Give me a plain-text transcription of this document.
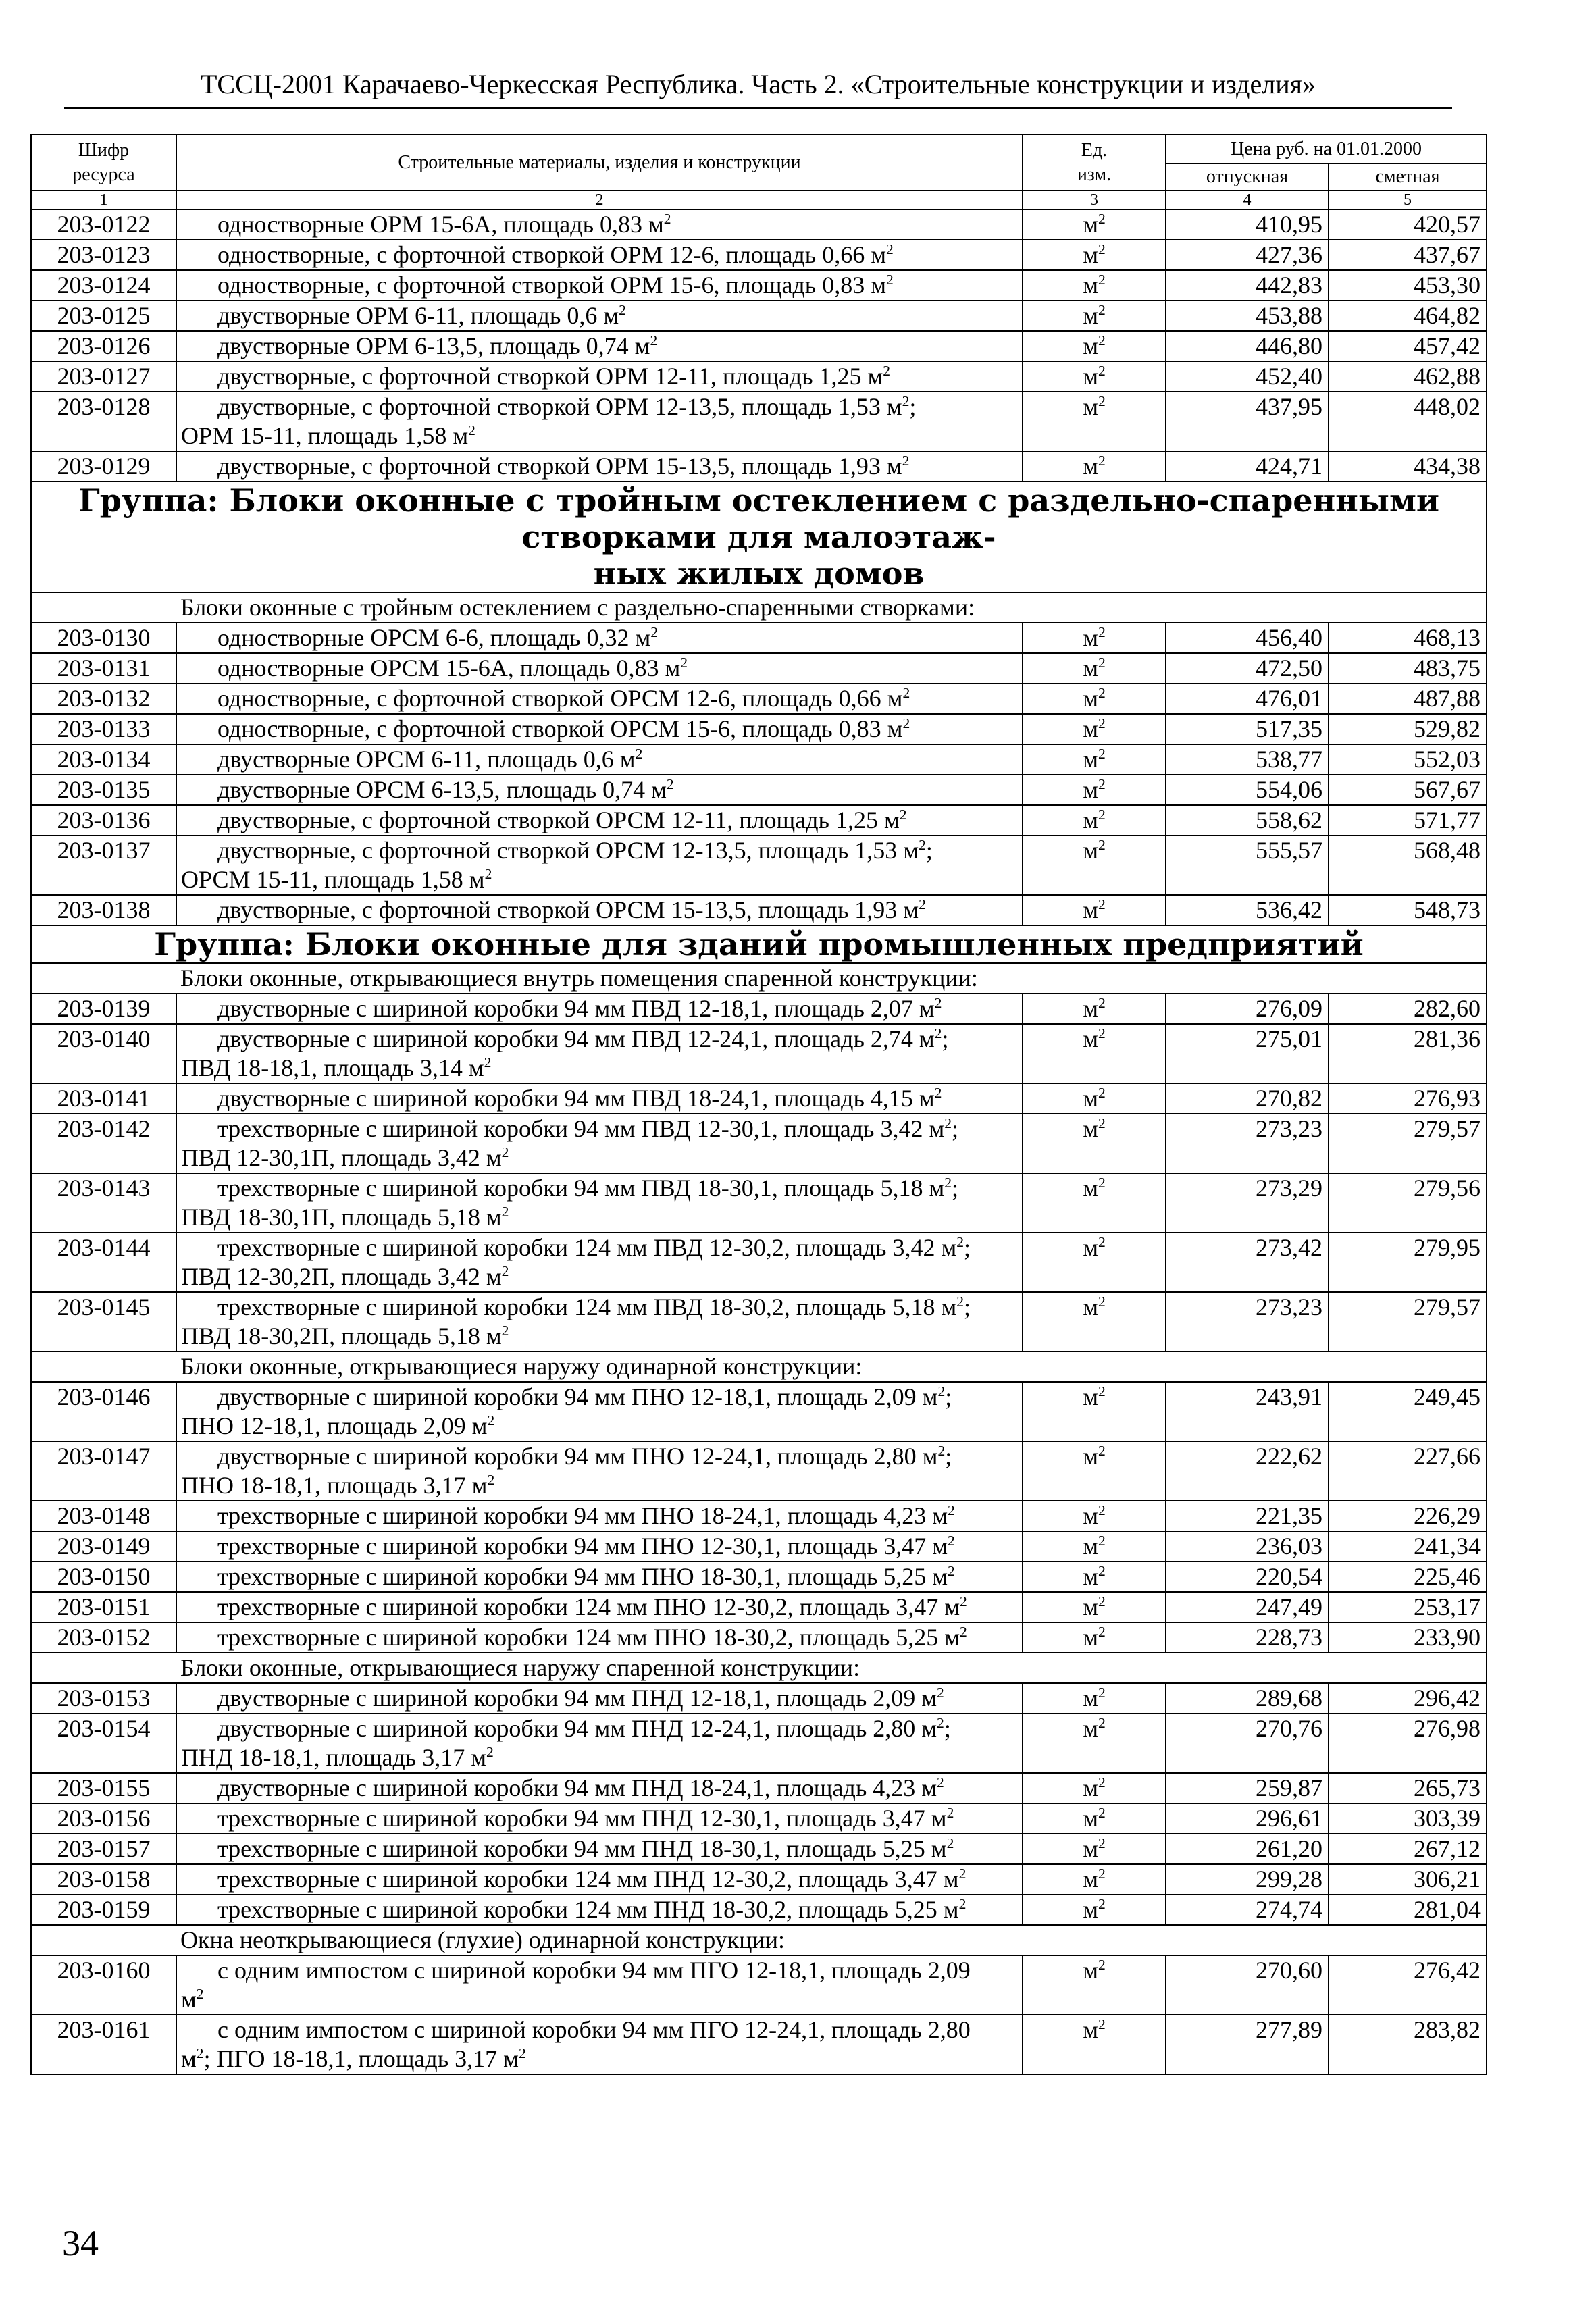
ТССЦ-2001 Карачаево-Черкесская Республика. Часть 2. «Строительные конструкции и изделия»
Шифр
ресурса	Строительные материалы, изделия и конструкции	Ед.
изм.	Цена руб. на 01.01.2000	
			отпускная	сметная
1	2	3	4	5
203-0122	одностворные ОРМ 15-6А, площадь 0,83 $м^2$	$м^2$	410,95	420,57
203-0123	одностворные, с форточной створкой ОРМ 12-6, площадь 0,66 $м^2$	$м^2$	427,36	437,67
203-0124	одностворные, с форточной створкой ОРМ 15-6, площадь 0,83 $м^2$	$м^2$	442,83	453,30
203-0125	двустворные ОРМ 6-11, площадь 0,6 $м^2$	$м^2$	453,88	464,82
203-0126	двустворные ОРМ 6-13,5, площадь 0,74 $м^2$	$м^2$	446,80	457,42
203-0127	двустворные, с форточной створкой ОРМ 12-11, площадь 1,25 $м^2$	$м^2$	452,40	462,88
203-0128	двустворные, с форточной створкой ОРМ 12-13,5, площадь 1,53 $м^2$;
ОРМ 15-11, площадь 1,58 $м^2$	$м^2$	437,95	448,02
203-0129	двустворные, с форточной створкой ОРМ 15-13,5, площадь 1,93 $м^2$	$м^2$	424,71	434,38
Группа: Блоки оконные с тройным остеклением с раздельно-спаренными створками для малоэтаж-
ных жилых домов				
Блоки оконные с тройным остеклением с раздельно-спаренными створками:				
203-0130	одностворные ОРСМ 6-6, площадь 0,32 $м^2$	$м^2$	456,40	468,13
203-0131	одностворные ОРСМ 15-6А, площадь 0,83 $м^2$	$м^2$	472,50	483,75
203-0132	одностворные, с форточной створкой ОРСМ 12-6, площадь 0,66 $м^2$	$м^2$	476,01	487,88
203-0133	одностворные, с форточной створкой ОРСМ 15-6, площадь 0,83 $м^2$	$м^2$	517,35	529,82
203-0134	двустворные ОРСМ 6-11, площадь 0,6 $м^2$	$м^2$	538,77	552,03
203-0135	двустворные ОРСМ 6-13,5, площадь 0,74 $м^2$	$м^2$	554,06	567,67
203-0136	двустворные, с форточной створкой ОРСМ 12-11, площадь 1,25 $м^2$	$м^2$	558,62	571,77
203-0137	двустворные, с форточной створкой ОРСМ 12-13,5, площадь 1,53 $м^2$;
ОРСМ 15-11, площадь 1,58 $м^2$	$м^2$	555,57	568,48
203-0138	двустворные, с форточной створкой ОРСМ 15-13,5, площадь 1,93 $м^2$	$м^2$	536,42	548,73
Группа: Блоки оконные для зданий промышленных предприятий				
Блоки оконные, открывающиеся внутрь помещения спаренной конструкции:				
203-0139	двустворные с шириной коробки 94 мм ПВД 12-18,1, площадь 2,07 $м^2$	$м^2$	276,09	282,60
203-0140	двустворные с шириной коробки 94 мм ПВД 12-24,1, площадь 2,74 $м^2$;
ПВД 18-18,1, площадь 3,14 $м^2$	$м^2$	275,01	281,36
203-0141	двустворные с шириной коробки 94 мм ПВД 18-24,1, площадь 4,15 $м^2$	$м^2$	270,82	276,93
203-0142	трехстворные с шириной коробки 94 мм ПВД 12-30,1, площадь 3,42 $м^2$;
ПВД 12-30,1П, площадь 3,42 $м^2$	$м^2$	273,23	279,57
203-0143	трехстворные с шириной коробки 94 мм ПВД 18-30,1, площадь 5,18 $м^2$;
ПВД 18-30,1П, площадь 5,18 $м^2$	$м^2$	273,29	279,56
203-0144	трехстворные с шириной коробки 124 мм ПВД 12-30,2, площадь 3,42 $м^2$;
ПВД 12-30,2П, площадь 3,42 $м^2$	$м^2$	273,42	279,95
203-0145	трехстворные с шириной коробки 124 мм ПВД 18-30,2, площадь 5,18 $м^2$;
ПВД 18-30,2П, площадь 5,18 $м^2$	$м^2$	273,23	279,57
Блоки оконные, открывающиеся наружу одинарной конструкции:				
203-0146	двустворные с шириной коробки 94 мм ПНО 12-18,1, площадь 2,09 $м^2$;
ПНО 12-18,1, площадь 2,09 $м^2$	$м^2$	243,91	249,45
203-0147	двустворные с шириной коробки 94 мм ПНО 12-24,1, площадь 2,80 $м^2$;
ПНО 18-18,1, площадь 3,17 $м^2$	$м^2$	222,62	227,66
203-0148	трехстворные с шириной коробки 94 мм ПНО 18-24,1, площадь 4,23 $м^2$	$м^2$	221,35	226,29
203-0149	трехстворные с шириной коробки 94 мм ПНО 12-30,1, площадь 3,47 $м^2$	$м^2$	236,03	241,34
203-0150	трехстворные с шириной коробки 94 мм ПНО 18-30,1, площадь 5,25 $м^2$	$м^2$	220,54	225,46
203-0151	трехстворные с шириной коробки 124 мм ПНО 12-30,2, площадь 3,47 $м^2$	$м^2$	247,49	253,17
203-0152	трехстворные с шириной коробки 124 мм ПНО 18-30,2, площадь 5,25 $м^2$	$м^2$	228,73	233,90
Блоки оконные, открывающиеся наружу спаренной конструкции:				
203-0153	двустворные с шириной коробки 94 мм ПНД 12-18,1, площадь 2,09 $м^2$	$м^2$	289,68	296,42
203-0154	двустворные с шириной коробки 94 мм ПНД 12-24,1, площадь 2,80 $м^2$;
ПНД 18-18,1, площадь 3,17 $м^2$	$м^2$	270,76	276,98
203-0155	двустворные с шириной коробки 94 мм ПНД 18-24,1, площадь 4,23 $м^2$	$м^2$	259,87	265,73
203-0156	трехстворные с шириной коробки 94 мм ПНД 12-30,1, площадь 3,47 $м^2$	$м^2$	296,61	303,39
203-0157	трехстворные с шириной коробки 94 мм ПНД 18-30,1, площадь 5,25 $м^2$	$м^2$	261,20	267,12
203-0158	трехстворные с шириной коробки 124 мм ПНД 12-30,2, площадь 3,47 $м^2$	$м^2$	299,28	306,21
203-0159	трехстворные с шириной коробки 124 мм ПНД 18-30,2, площадь 5,25 $м^2$	$м^2$	274,74	281,04
Окна неоткрывающиеся (глухие) одинарной конструкции:				
203-0160	с одним импостом с шириной коробки 94 мм ПГО 12-18,1, площадь 2,09
$м^2$	$м^2$	270,60	276,42
203-0161	с одним импостом с шириной коробки 94 мм ПГО 12-24,1, площадь 2,80
$м^2$; ПГО 18-18,1, площадь 3,17 $м^2$	$м^2$	277,89	283,82
34
